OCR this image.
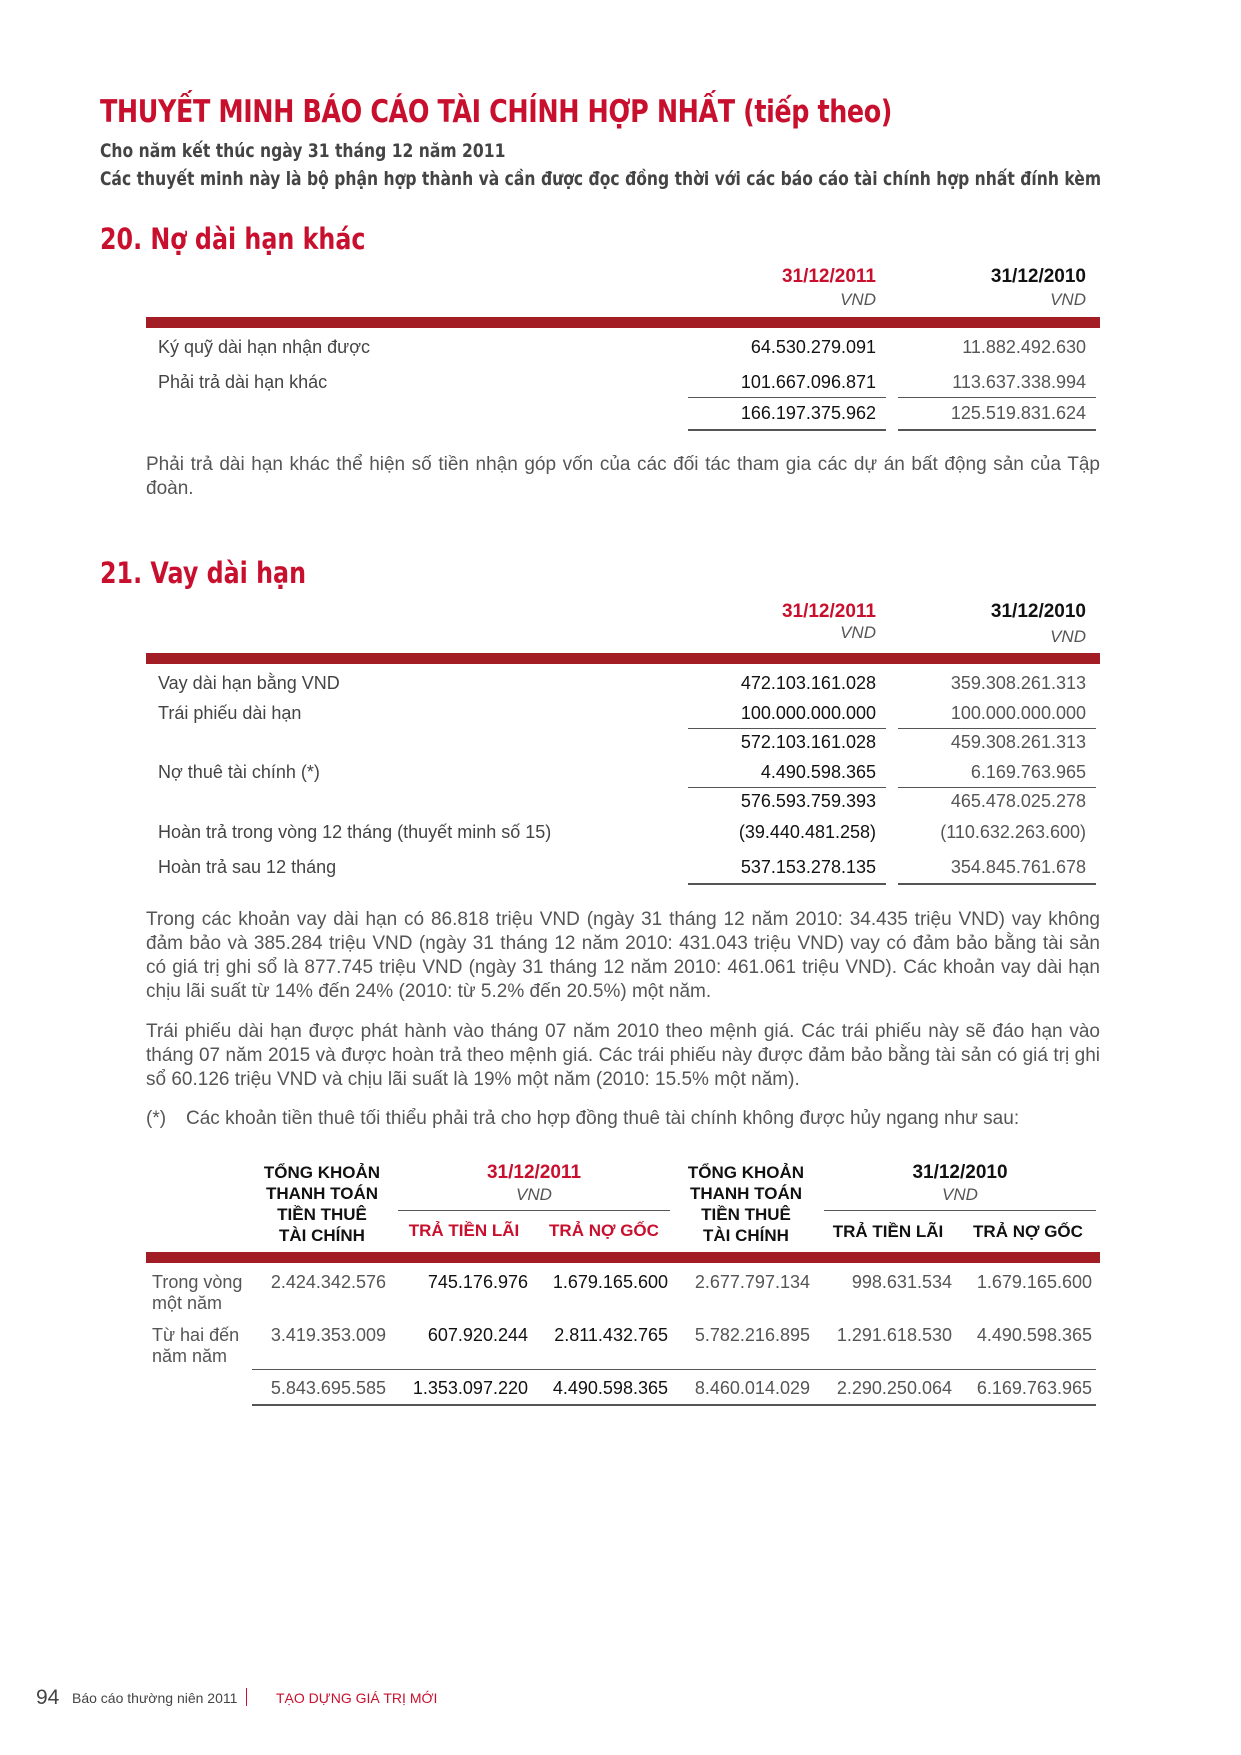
THUYẾT MINH BÁO CÁO TÀI CHÍNH HỢP NHẤT (tiếp theo)
Cho năm kết thúc ngày 31 tháng 12 năm 2011
Các thuyết minh này là bộ phận hợp thành và cần được đọc đồng thời với các báo cáo tài chính hợp nhất đính kèm
20. Nợ dài hạn khác
31/12/2011	31/12/2010
VND	VND
Ký quỹ dài hạn nhận được	64.530.279.091	11.882.492.630
Phải trả dài hạn khác	101.667.096.871	113.637.338.994
166.197.375.962	125.519.831.624
Phải trả dài hạn khác thể hiện số tiền nhận góp vốn của các đối tác tham gia các dự án bất động sản của Tập đoàn.
21. Vay dài hạn
31/12/2011	31/12/2010
VND	VND
Vay dài hạn bằng VND	472.103.161.028	359.308.261.313
Trái phiếu dài hạn	100.000.000.000	100.000.000.000
572.103.161.028	459.308.261.313
Nợ thuê tài chính (*)	4.490.598.365	6.169.763.965
576.593.759.393	465.478.025.278
Hoàn trả trong vòng 12 tháng (thuyết minh số 15)	(39.440.481.258)	(110.632.263.600)
Hoàn trả sau 12 tháng	537.153.278.135	354.845.761.678
Trong các khoản vay dài hạn có 86.818 triệu VND (ngày 31 tháng 12 năm 2010: 34.435 triệu VND) vay không đảm bảo và 385.284 triệu VND (ngày 31 tháng 12 năm 2010: 431.043 triệu VND) vay có đảm bảo bằng tài sản có giá trị ghi sổ là 877.745 triệu VND (ngày 31 tháng 12 năm 2010: 461.061 triệu VND). Các khoản vay dài hạn chịu lãi suất từ 14% đến 24% (2010: từ 5.2% đến 20.5%) một năm.
Trái phiếu dài hạn được phát hành vào tháng 07 năm 2010 theo mệnh giá. Các trái phiếu này sẽ đáo hạn vào tháng 07 năm 2015 và được hoàn trả theo mệnh giá. Các trái phiếu này được đảm bảo bằng tài sản có giá trị ghi sổ 60.126 triệu VND và chịu lãi suất là 19% một năm (2010: 15.5% một năm).
(*) Các khoản tiền thuê tối thiểu phải trả cho hợp đồng thuê tài chính không được hủy ngang như sau:
TỔNG KHOẢN
THANH TOÁN
TIỀN THUÊ
TÀI CHÍNH
31/12/2011
VND
TRẢ TIỀN LÃI	TRẢ NỢ GỐC
TỔNG KHOẢN
THANH TOÁN
TIỀN THUÊ
TÀI CHÍNH
31/12/2010
VND
TRẢ TIỀN LÃI	TRẢ NỢ GỐC
Trong vòng
một năm
2.424.342.576	745.176.976	1.679.165.600	2.677.797.134	998.631.534	1.679.165.600
Từ hai đến
năm năm
3.419.353.009	607.920.244	2.811.432.765	5.782.216.895	1.291.618.530	4.490.598.365
5.843.695.585	1.353.097.220	4.490.598.365	8.460.014.029	2.290.250.064	6.169.763.965
94 Báo cáo thường niên 2011	TẠO DỰNG GIÁ TRỊ MỚI
